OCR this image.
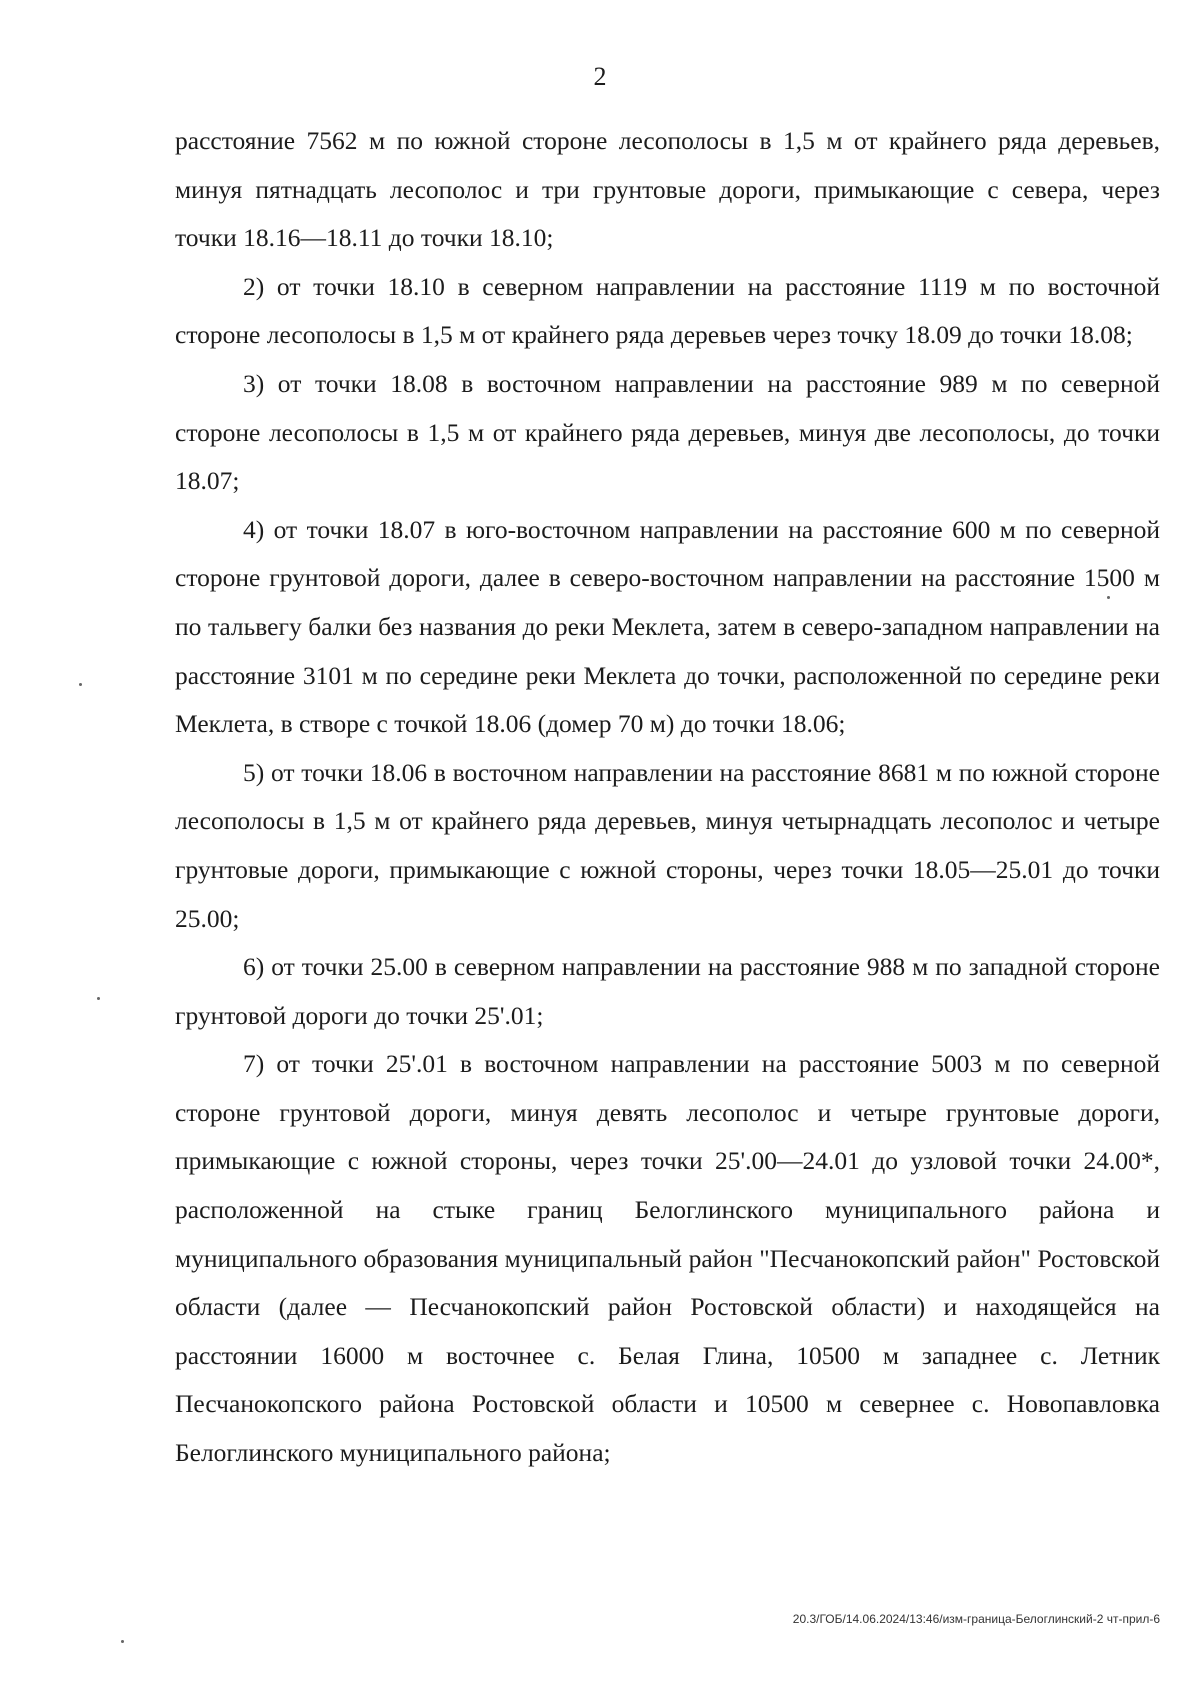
2

расстояние 7562 м по южной стороне лесополосы в 1,5 м от крайнего ряда деревьев, минуя пятнадцать лесополос и три грунтовые дороги, примыкающие с севера, через точки 18.16—18.11 до точки 18.10;

2) от точки 18.10 в северном направлении на расстояние 1119 м по восточной стороне лесополосы в 1,5 м от крайнего ряда деревьев через точку 18.09 до точки 18.08;

3) от точки 18.08 в восточном направлении на расстояние 989 м по северной стороне лесополосы в 1,5 м от крайнего ряда деревьев, минуя две лесополосы, до точки 18.07;

4) от точки 18.07 в юго-восточном направлении на расстояние 600 м по северной стороне грунтовой дороги, далее в северо-восточном направлении на расстояние 1500 м по тальвегу балки без названия до реки Меклета, затем в северо-западном направлении на расстояние 3101 м по середине реки Меклета до точки, расположенной по середине реки Меклета, в створе с точкой 18.06 (домер 70 м) до точки 18.06;

5) от точки 18.06 в восточном направлении на расстояние 8681 м по южной стороне лесополосы в 1,5 м от крайнего ряда деревьев, минуя четырнадцать лесополос и четыре грунтовые дороги, примыкающие с южной стороны, через точки 18.05—25.01 до точки 25.00;

6) от точки 25.00 в северном направлении на расстояние 988 м по западной стороне грунтовой дороги до точки 25'.01;

7) от точки 25'.01 в восточном направлении на расстояние 5003 м по северной стороне грунтовой дороги, минуя девять лесополос и четыре грунтовые дороги, примыкающие с южной стороны, через точки 25'.00—24.01 до узловой точки 24.00*, расположенной на стыке границ Белоглинского муниципального района и муниципального образования муниципальный район "Песчанокопский район" Ростовской области (далее — Песчанокопский район Ростовской области) и находящейся на расстоянии 16000 м восточнее с. Белая Глина, 10500 м западнее с. Летник Песчанокопского района Ростовской области и 10500 м севернее с. Новопавловка Белоглинского муниципального района;

20.3/ГОБ/14.06.2024/13:46/изм-граница-Белоглинский-2 чт-прил-6
